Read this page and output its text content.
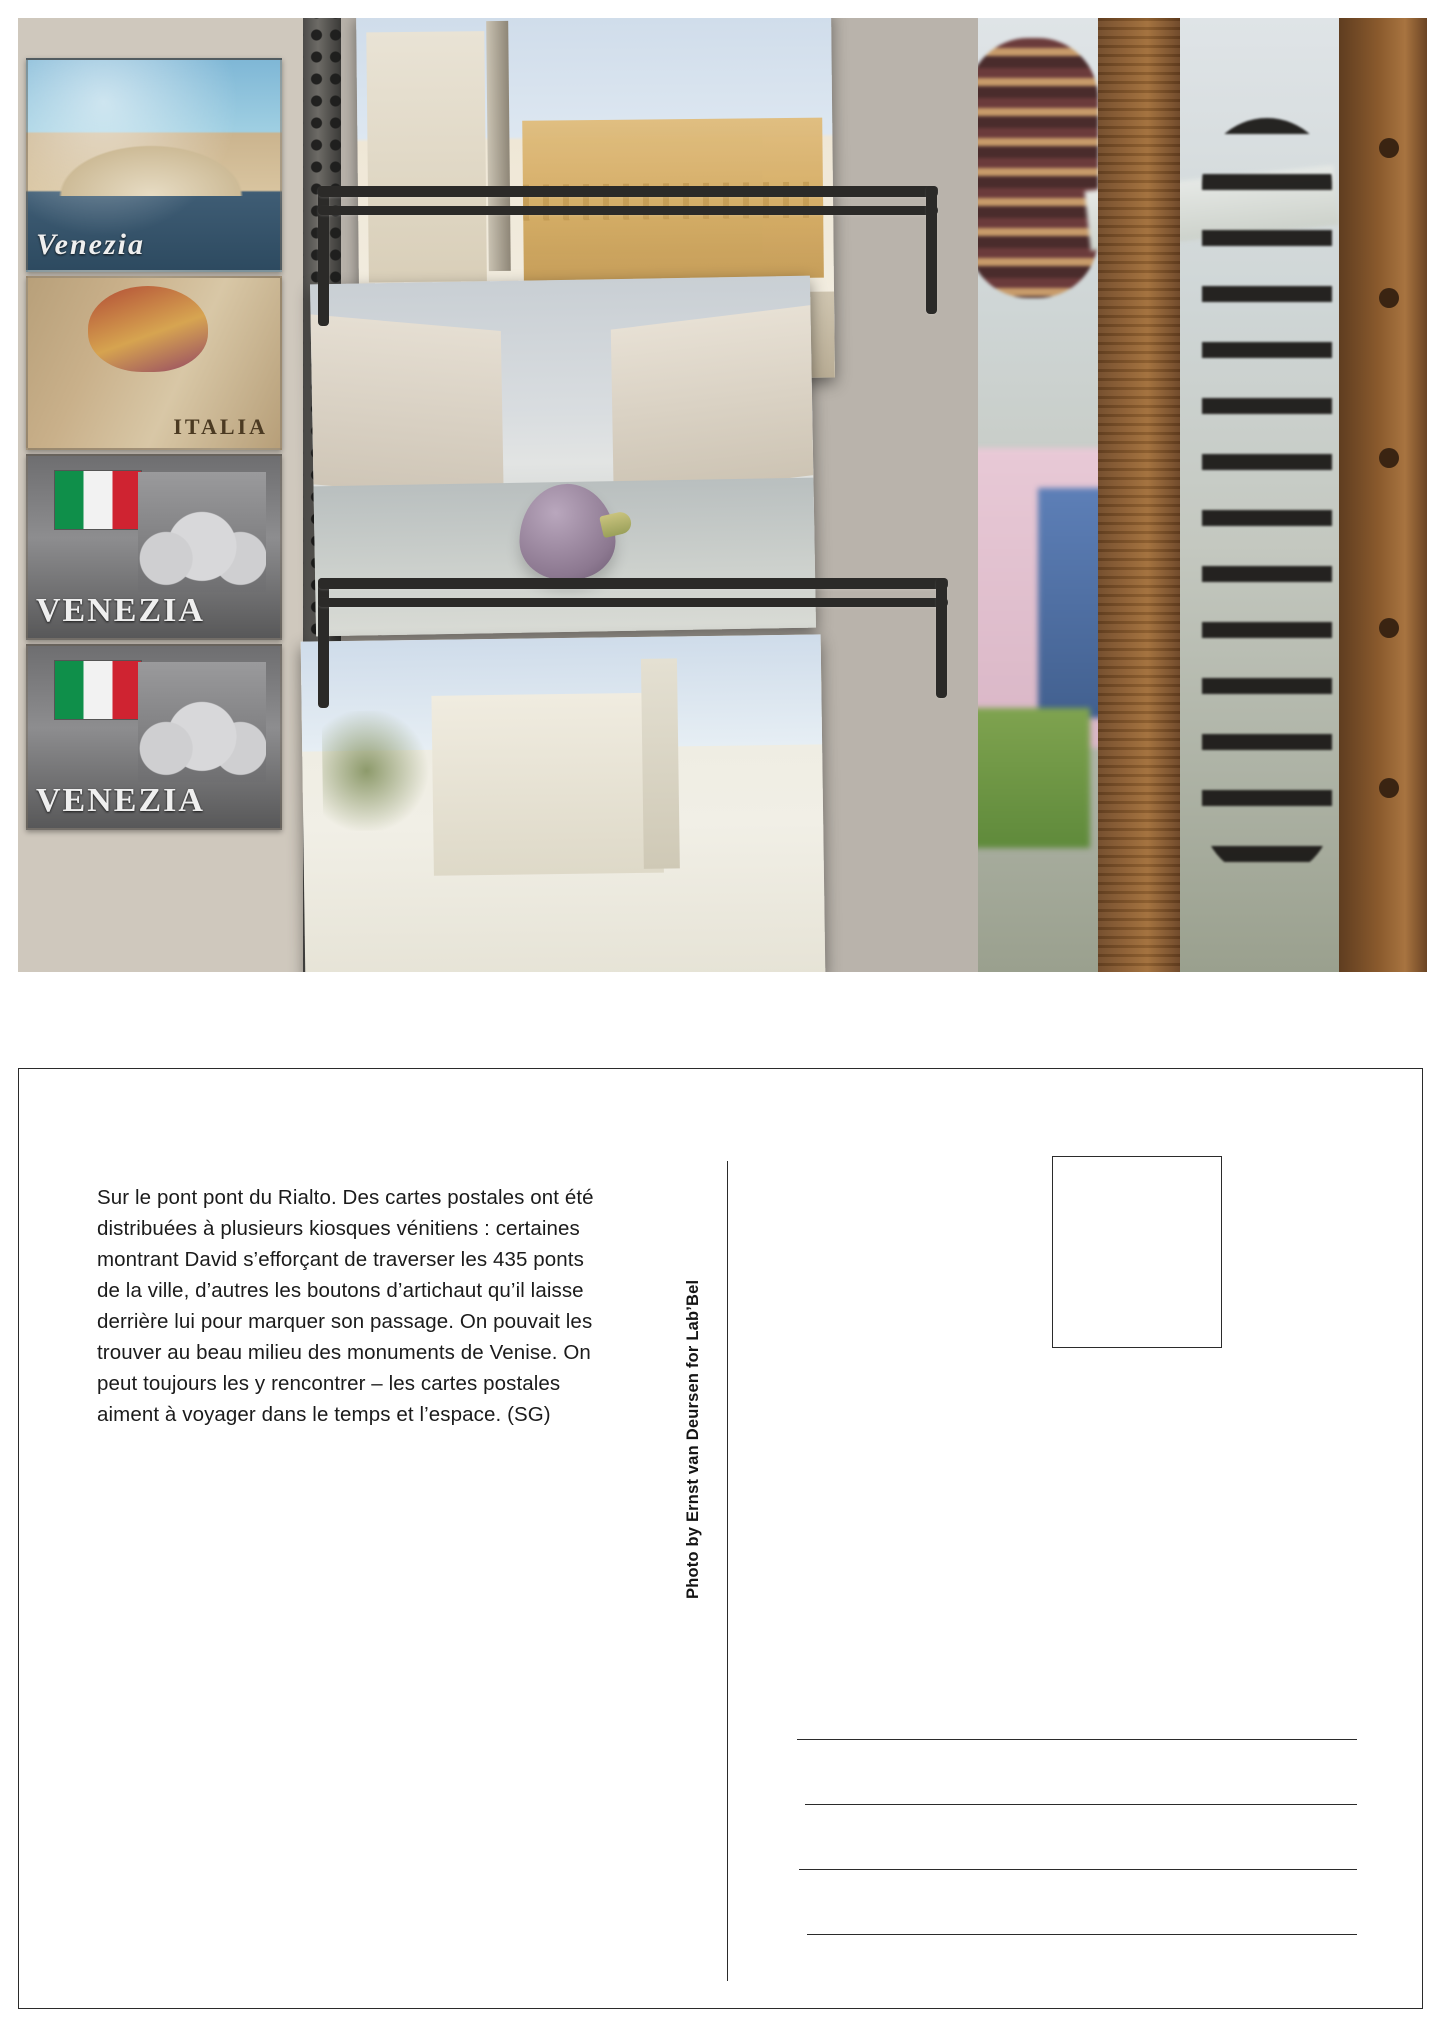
Venezia
ITALIA
VENEZIA
VENEZIA

Sur le pont pont du Rialto. Des cartes postales ont été distribuées à plusieurs kiosques vénitiens : certaines montrant David s’efforçant de traverser les 435 ponts de la ville, d’autres les boutons d’artichaut qu’il laisse derrière lui pour marquer son passage. On pouvait les trouver au beau milieu des monuments de Venise. On peut toujours les y rencontrer – les cartes postales aiment à voyager dans le temps et l’espace. (SG)	Photo by Ernst van Deursen for Lab’Bel
